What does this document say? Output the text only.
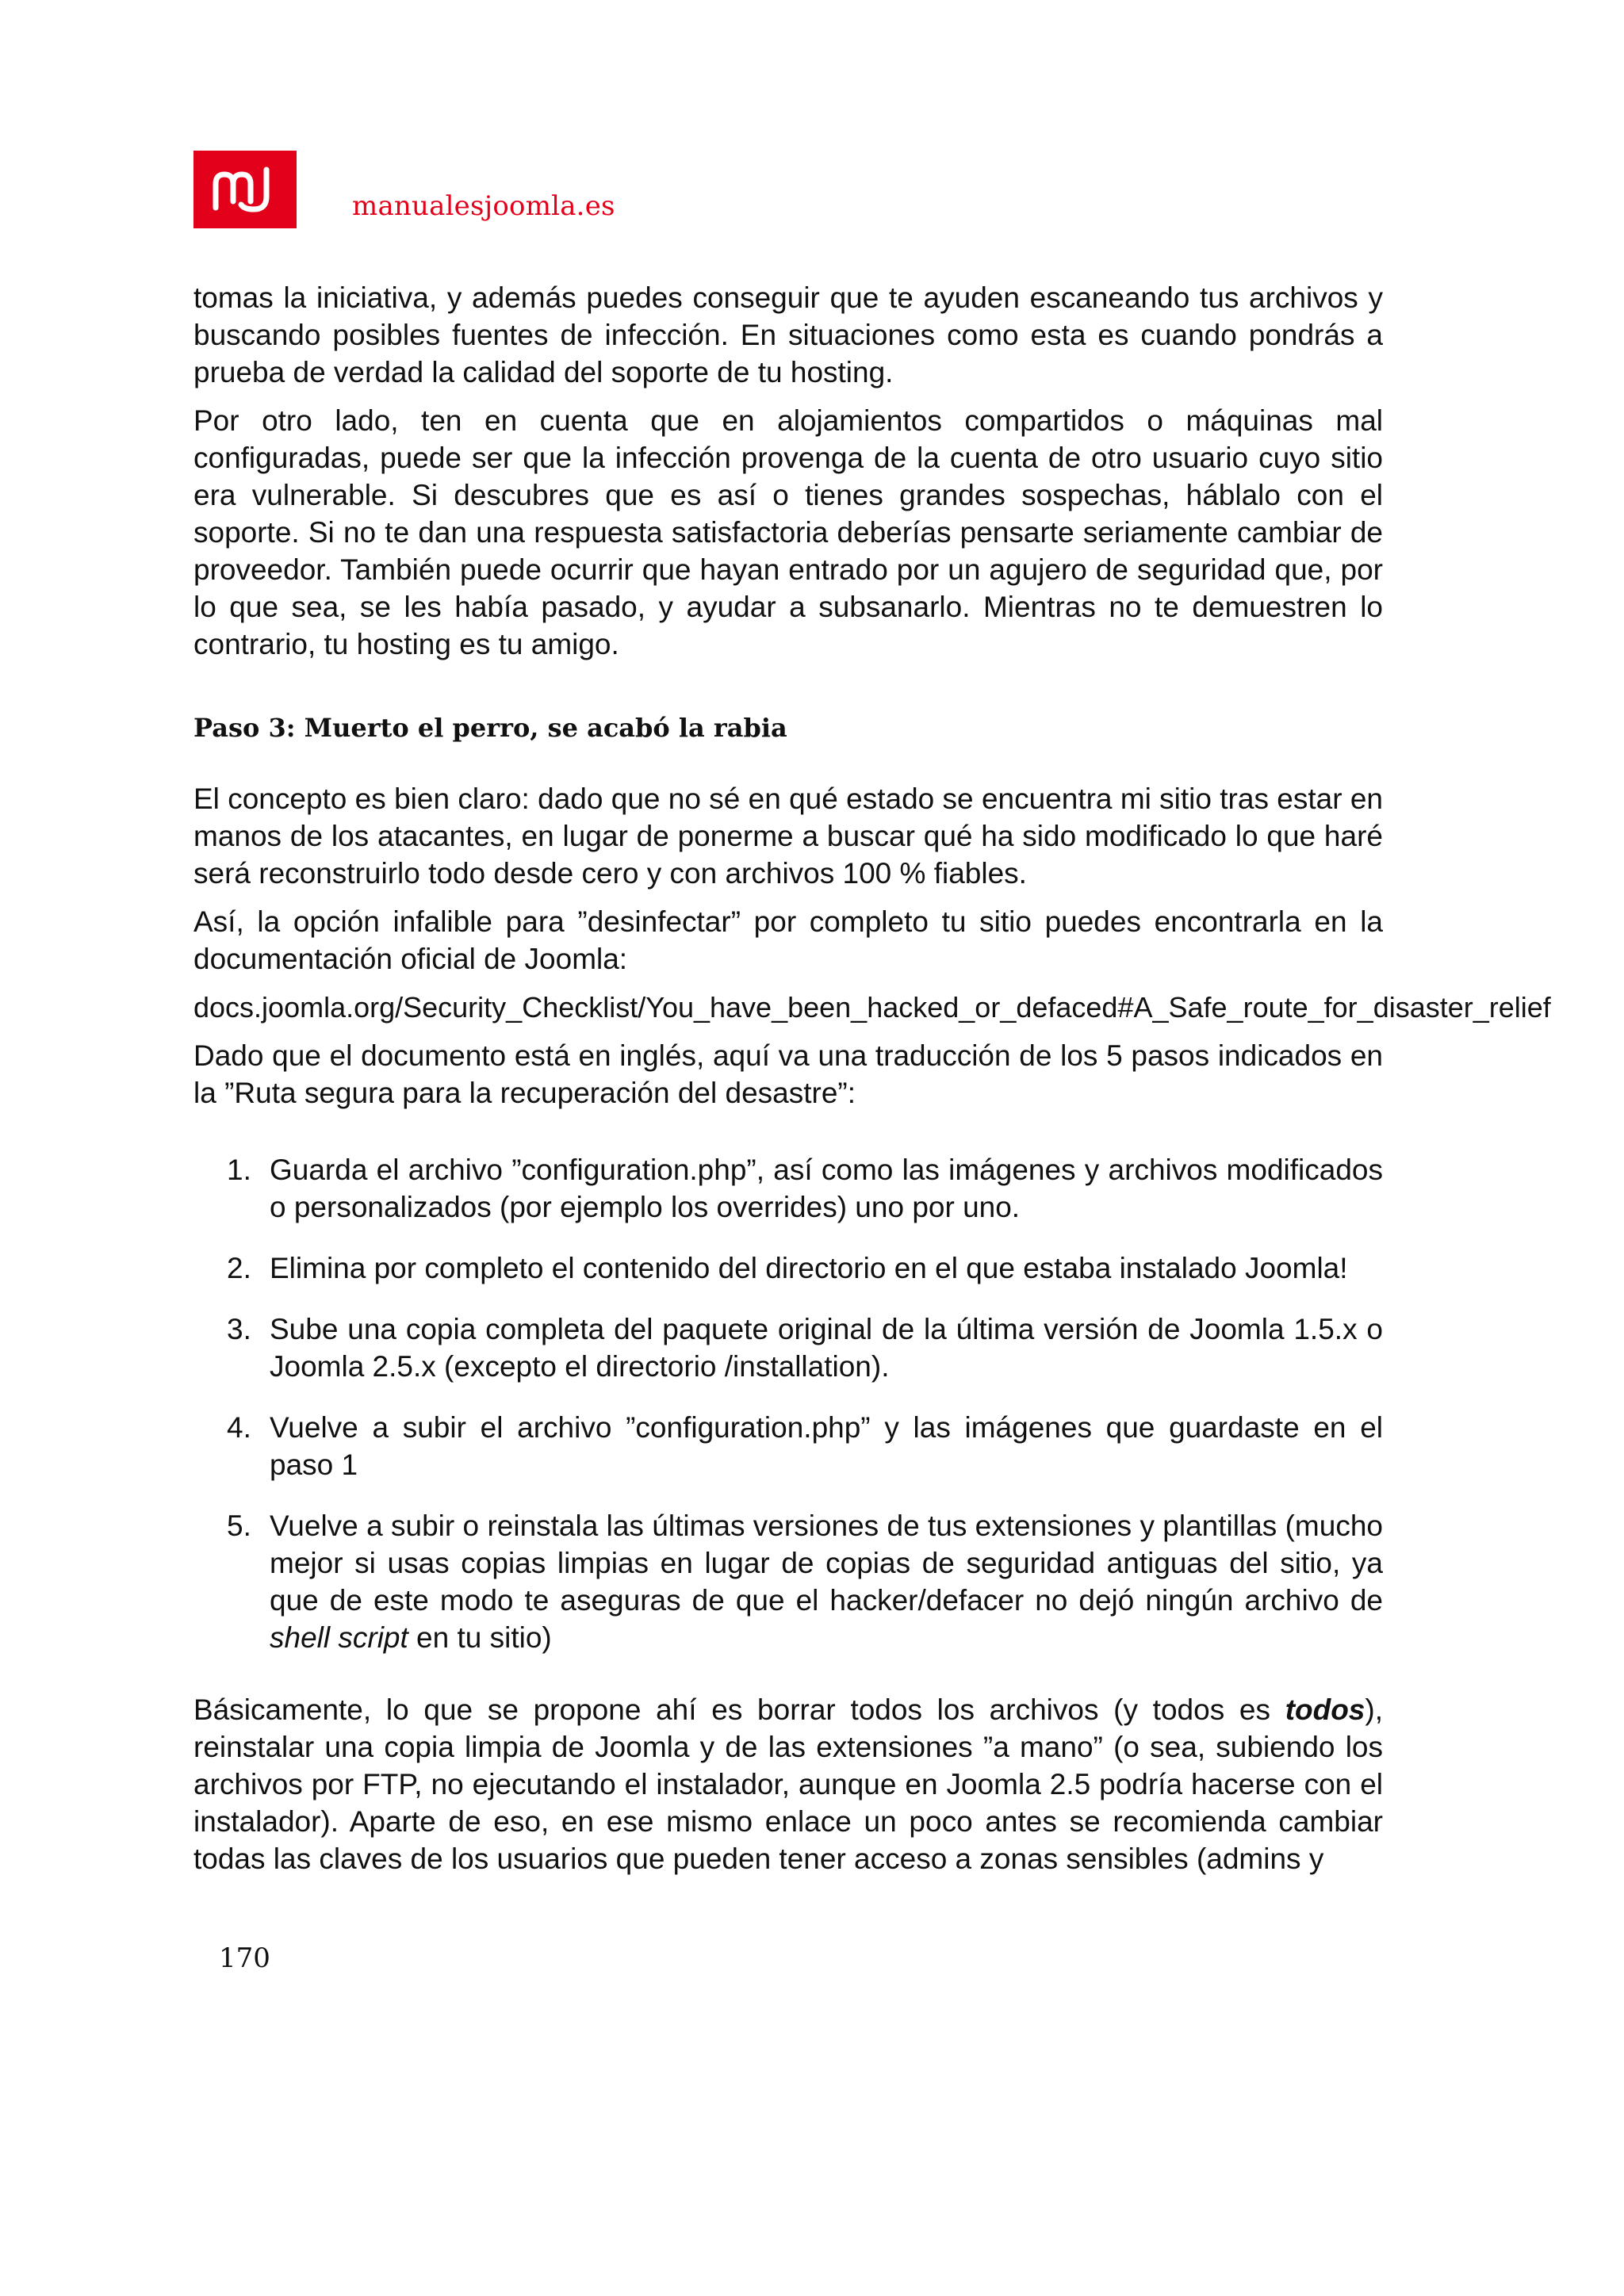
manualesjoomla.es

tomas la iniciativa, y además puedes conseguir que te ayuden escaneando tus archivos y buscando posibles fuentes de infección. En situaciones como esta es cuando pondrás a prueba de verdad la calidad del soporte de tu hosting.

Por otro lado, ten en cuenta que en alojamientos compartidos o máquinas mal configuradas, puede ser que la infección provenga de la cuenta de otro usuario cuyo sitio era vulnerable. Si descubres que es así o tienes grandes sospechas, háblalo con el soporte. Si no te dan una respuesta satisfactoria deberías pensarte seriamente cambiar de proveedor. También puede ocurrir que hayan entrado por un agujero de seguridad que, por lo que sea, se les había pasado, y ayudar a subsanarlo. Mientras no te demuestren lo contrario, tu hosting es tu amigo.

Paso 3: Muerto el perro, se acabó la rabia

El concepto es bien claro: dado que no sé en qué estado se encuentra mi sitio tras estar en manos de los atacantes, en lugar de ponerme a buscar qué ha sido modificado lo que haré será reconstruirlo todo desde cero y con archivos 100 % fiables.

Así, la opción infalible para ”desinfectar” por completo tu sitio puedes encontrarla en la documentación oficial de Joomla:

docs.joomla.org/Security_Checklist/You_have_been_hacked_or_defaced#A_Safe_route_for_disaster_relief

Dado que el documento está en inglés, aquí va una traducción de los 5 pasos indicados en la ”Ruta segura para la recuperación del desastre”:

1. Guarda el archivo ”configuration.php”, así como las imágenes y archivos modificados o personalizados (por ejemplo los overrides) uno por uno.
2. Elimina por completo el contenido del directorio en el que estaba instalado Joomla!
3. Sube una copia completa del paquete original de la última versión de Joomla 1.5.x o Joomla 2.5.x (excepto el directorio /installation).
4. Vuelve a subir el archivo ”configuration.php” y las imágenes que guardaste en el paso 1
5. Vuelve a subir o reinstala las últimas versiones de tus extensiones y plantillas (mucho mejor si usas copias limpias en lugar de copias de seguridad antiguas del sitio, ya que de este modo te aseguras de que el hacker/defacer no dejó ningún archivo de shell script en tu sitio)

Básicamente, lo que se propone ahí es borrar todos los archivos (y todos es todos), reinstalar una copia limpia de Joomla y de las extensiones ”a mano” (o sea, subiendo los archivos por FTP, no ejecutando el instalador, aunque en Joomla 2.5 podría hacerse con el instalador). Aparte de eso, en ese mismo enlace un poco antes se recomienda cambiar todas las claves de los usuarios que pueden tener acceso a zonas sensibles (admins y

170
